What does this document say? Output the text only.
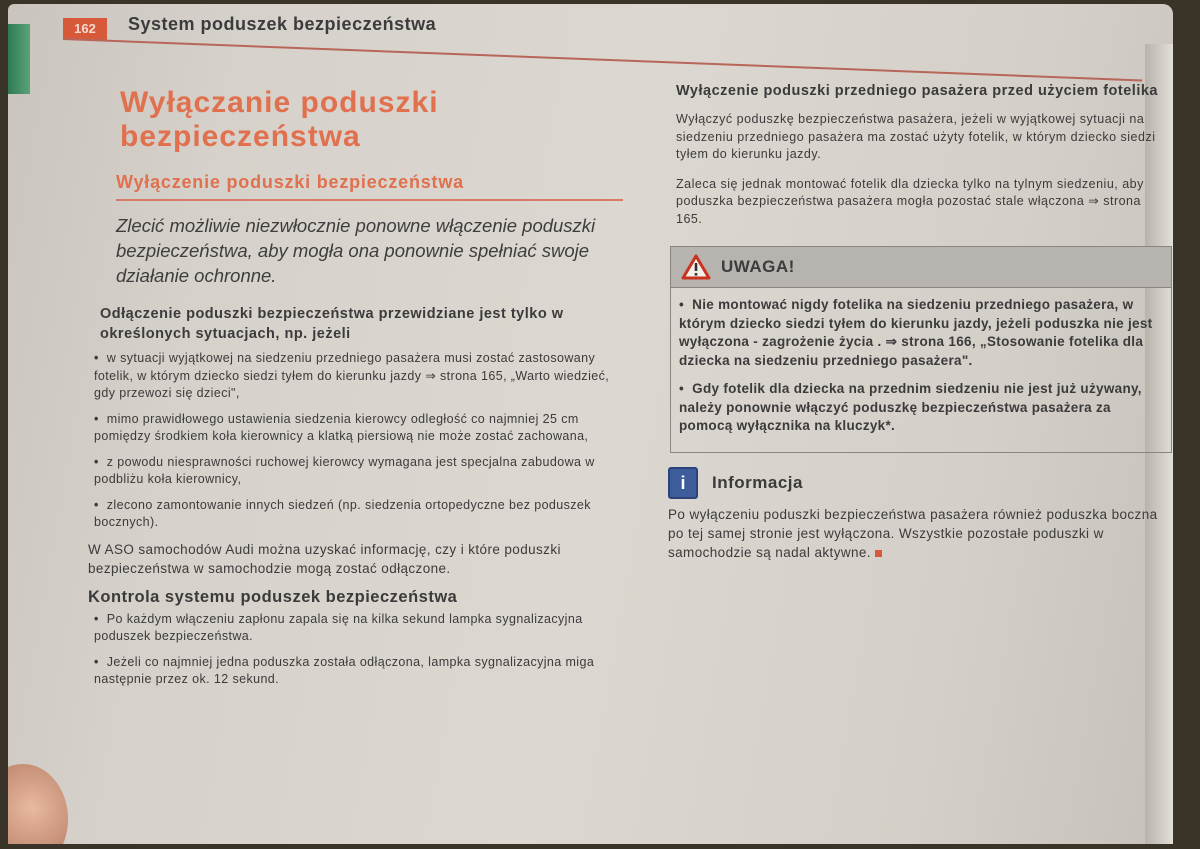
162	System poduszek bezpieczeństwa
Wyłączanie poduszki bezpieczeństwa
Wyłączenie poduszki bezpieczeństwa
Zlecić możliwie niezwłocznie ponowne włączenie poduszki bezpieczeństwa, aby mogła ona ponownie spełniać swoje działanie ochronne.
Odłączenie poduszki bezpieczeństwa przewidziane jest tylko w określonych sytuacjach, np. jeżeli
• w sytuacji wyjątkowej na siedzeniu przedniego pasażera musi zostać zastosowany fotelik, w którym dziecko siedzi tyłem do kierunku jazdy ⇒ strona 165, „Warto wiedzieć, gdy przewozi się dzieci",
• mimo prawidłowego ustawienia siedzenia kierowcy odległość co najmniej 25 cm pomiędzy środkiem koła kierownicy a klatką piersiową nie może zostać zachowana,
• z powodu niesprawności ruchowej kierowcy wymagana jest specjalna zabudowa w podbliżu koła kierownicy,
• zlecono zamontowanie innych siedzeń (np. siedzenia ortopedyczne bez poduszek bocznych).
W ASO samochodów Audi można uzyskać informację, czy i które poduszki bezpieczeństwa w samochodzie mogą zostać odłączone.
Kontrola systemu poduszek bezpieczeństwa
• Po każdym włączeniu zapłonu zapala się na kilka sekund lampka sygnalizacyjna poduszek bezpieczeństwa.
• Jeżeli co najmniej jedna poduszka została odłączona, lampka sygnalizacyjna miga następnie przez ok. 12 sekund.
Wyłączenie poduszki przedniego pasażera przed użyciem fotelika
Wyłączyć poduszkę bezpieczeństwa pasażera, jeżeli w wyjątkowej sytuacji na siedzeniu przedniego pasażera ma zostać użyty fotelik, w którym dziecko siedzi tyłem do kierunku jazdy.
Zaleca się jednak montować fotelik dla dziecka tylko na tylnym siedzeniu, aby poduszka bezpieczeństwa pasażera mogła pozostać stale włączona ⇒ strona 165.
UWAGA!
•  Nie montować nigdy fotelika na siedzeniu przedniego pasażera, w którym dziecko siedzi tyłem do kierunku jazdy, jeżeli poduszka nie jest wyłączona - zagrożenie życia . ⇒ strona 166, „Stosowanie fotelika dla dziecka na siedzeniu przedniego pasażera".
•  Gdy fotelik dla dziecka na przednim siedzeniu nie jest już używany, należy ponownie włączyć poduszkę bezpieczeństwa pasażera za pomocą wyłącznika na kluczyk*.
i	Informacja
Po wyłączeniu poduszki bezpieczeństwa pasażera również poduszka boczna po tej samej stronie jest wyłączona. Wszystkie pozostałe poduszki w samochodzie są nadal aktywne.
